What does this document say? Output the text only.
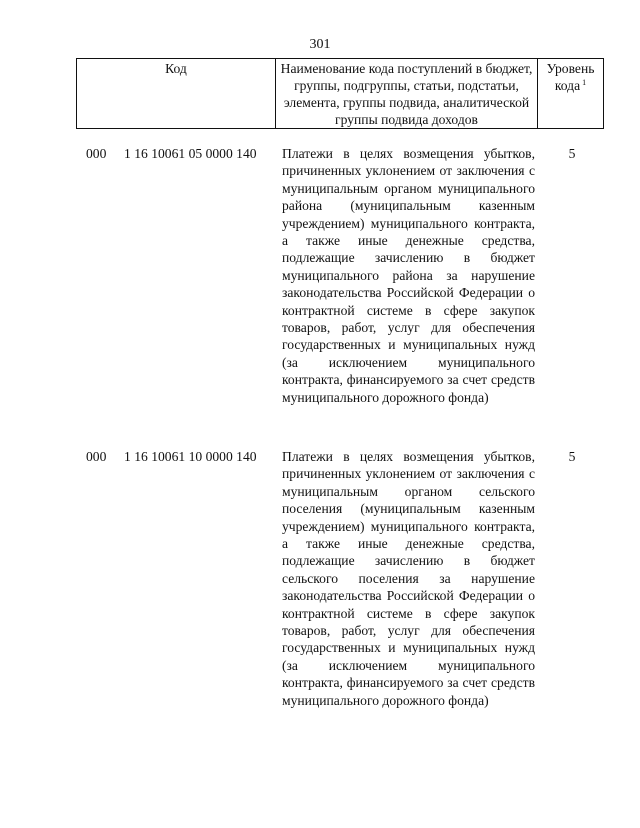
301
Код	Наименование кода поступлений в бюджет, группы, подгруппы, статьи, подстатьи, элемента, группы подвида, аналитической группы подвида доходов
Уровень кода $^1$
000 1 16 10061 05 0000 140 Платежи в целях возмещения убытков, причиненных уклонением от заключения с муниципальным органом муниципального района (муниципальным казенным учреждением) муниципального контракта, а также иные денежные средства, подлежащие зачислению в бюджет муниципального района за нарушение законодательства Российской Федерации о контрактной системе в сфере закупок товаров, работ, услуг для обеспечения государственных и муниципальных нужд (за исключением муниципального контракта, финансируемого за счет средств муниципального дорожного фонда)
5
000 1 16 10061 10 0000 140 Платежи в целях возмещения убытков, причиненных уклонением от заключения с муниципальным органом сельского поселения (муниципальным казенным учреждением) муниципального контракта, а также иные денежные средства, подлежащие зачислению в бюджет сельского поселения за нарушение законодательства Российской Федерации о контрактной системе в сфере закупок товаров, работ, услуг для обеспечения государственных и муниципальных нужд (за исключением муниципального контракта, финансируемого за счет средств муниципального дорожного фонда)
5
